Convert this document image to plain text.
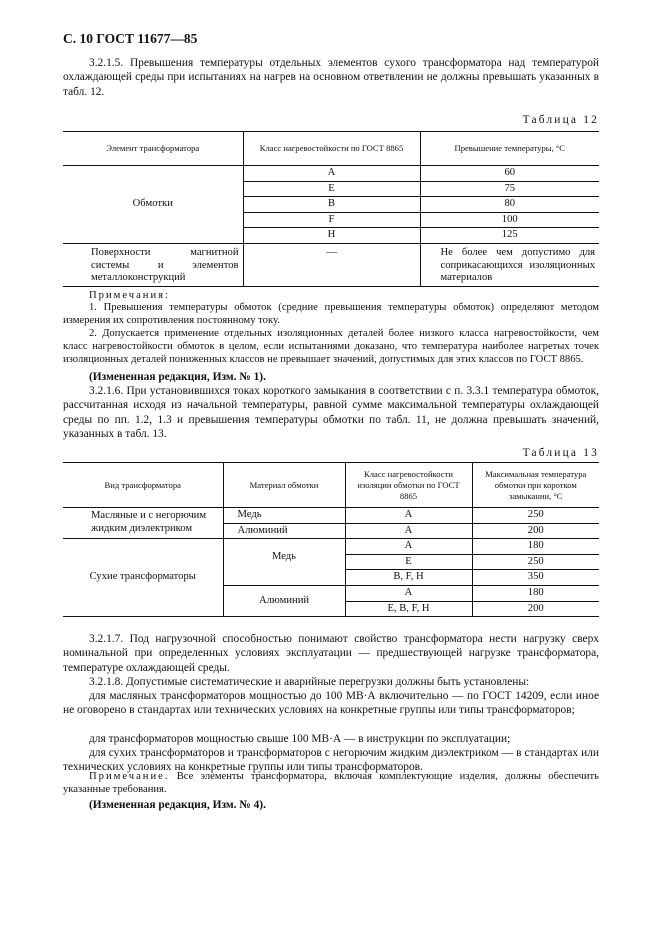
С. 10 ГОСТ 11677—85

3.2.1.5. Превышения температуры отдельных элементов сухого трансформатора над температурой охлаждающей среды при испытаниях на нагрев на основном ответвлении не должны превышать указанных в табл. 12.

Таблица 12
Элемент трансформатора	Класс нагревостойкости по ГОСТ 8865	Превышение температуры, °С
Обмотки	А	60
	Е	75
	В	80
	F	100
	Н	125
Поверхности магнитной системы и элементов металлоконструкций	—	Не более чем допустимо для соприкасающихся изоляционных материалов
Примечания:

1. Превышения температуры обмоток (средние превышения температуры обмоток) определяют методом измерения их сопротивления постоянному току.

2. Допускается применение отдельных изоляционных деталей более низкого класса нагревостойкости, чем класс нагревостойкости обмоток в целом, если испытаниями доказано, что температура наиболее нагретых точек изоляционных деталей пониженных классов не превышает значений, допустимых для этих классов по ГОСТ 8865.

(Измененная редакция, Изм. № 1).

3.2.1.6. При установившихся токах короткого замыкания в соответствии с п. 3.3.1 температура обмоток, рассчитанная исходя из начальной температуры, равной сумме максимальной температуры охлаждающей среды по пп. 1.2, 1.3 и превышения температуры обмотки по табл. 11, не должна превышать значений, указанных в табл. 13.

Таблица 13
Вид трансформатора	Материал обмотки	Класс нагревостойкости изоляции обмотки по ГОСТ 8865	Максимальная температура обмотки при коротком замыкании, °С
Масляные и с негорючим жидким диэлектриком	Медь	А	250
	Алюминий	А	200
Сухие трансформаторы	Медь	А	180
		Е	250
		В, F, Н	350
	Алюминий	А	180
		Е, В, F, Н	200

3.2.1.7. Под нагрузочной способностью понимают свойство трансформатора нести нагрузку сверх номинальной при определенных условиях эксплуатации — предшествующей нагрузке трансформатора, температуре охлаждающей среды.

3.2.1.8. Допустимые систематические и аварийные перегрузки должны быть установлены:

для масляных трансформаторов мощностью до 100 МВ·А включительно — по ГОСТ 14209, если иное не оговорено в стандартах или технических условиях на конкретные группы или типы трансформаторов;

для трансформаторов мощностью свыше 100 МВ·А — в инструкции по эксплуатации;

для сухих трансформаторов и трансформаторов с негорючим жидким диэлектриком — в стандартах или технических условиях на конкретные группы или типы трансформаторов.

Примечание. Все элементы трансформатора, включая комплектующие изделия, должны обеспечить указанные требования.

(Измененная редакция, Изм. № 4).
